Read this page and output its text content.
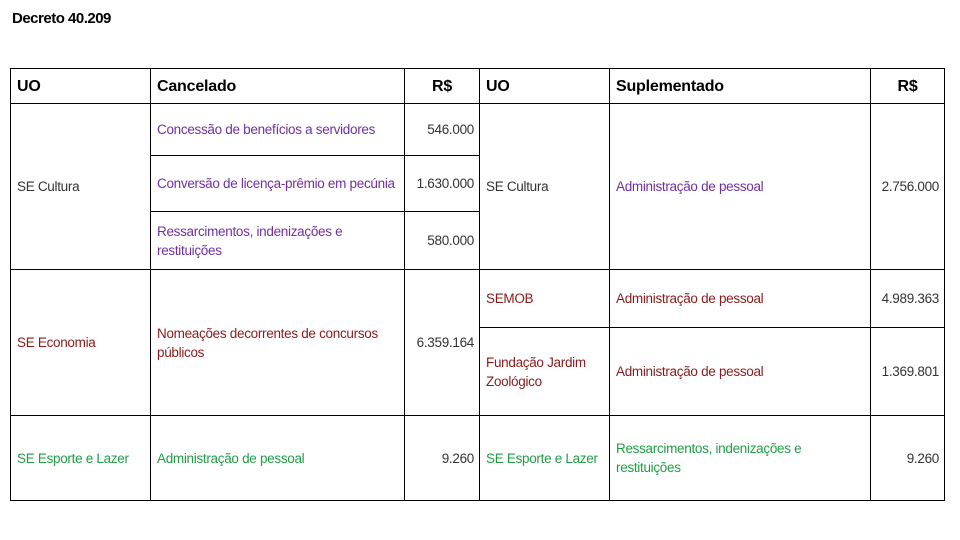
Decreto 40.209
UO	Cancelado	R$	UO	Suplementado	R$
SE Cultura	Concessão de benefícios a servidores	546.000	SE Cultura	Administração de pessoal	2.756.000
	Conversão de licença-prêmio em pecúnia	1.630.000			
	Ressarcimentos, indenizações e restituições	580.000			
SE Economia	Nomeações decorrentes de concursos públicos	6.359.164	SEMOB	Administração de pessoal	4.989.363
			Fundação Jardim Zoológico	Administração de pessoal	1.369.801
SE Esporte e Lazer	Administração de pessoal	9.260	SE Esporte e Lazer	Ressarcimentos, indenizações e restituições	9.260
